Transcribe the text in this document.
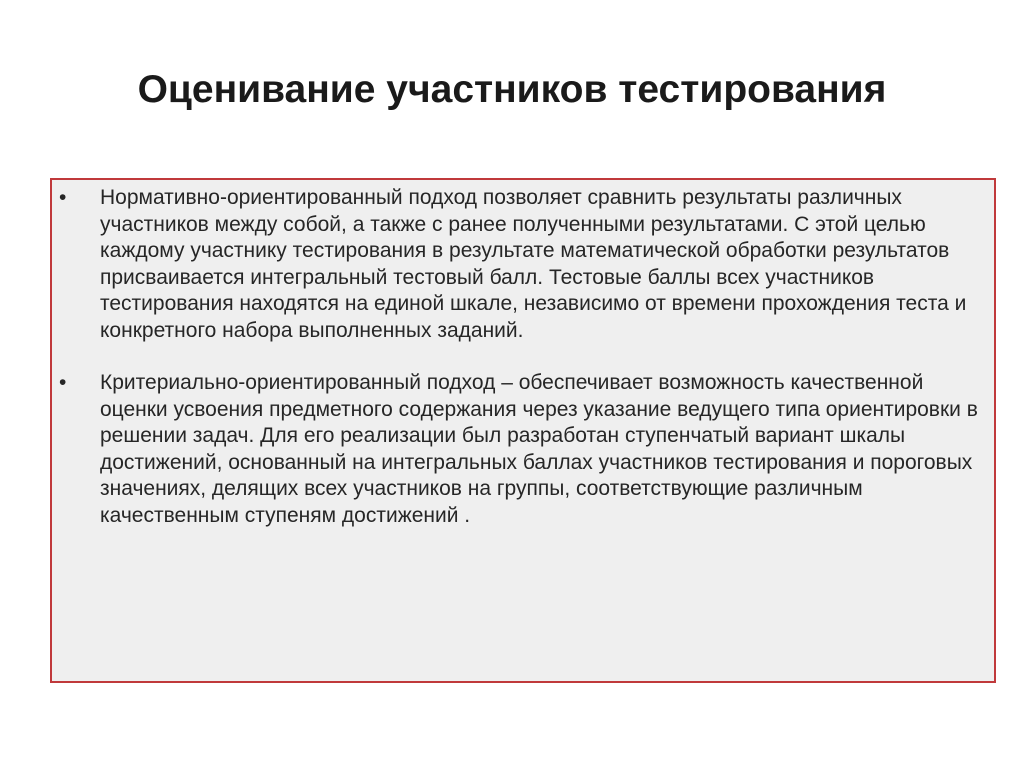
Оценивание участников тестирования
• Нормативно-ориентированный подход позволяет сравнить результаты различных участников между собой, а также с ранее полученными результатами. С этой целью каждому участнику тестирования в результате математической обработки результатов присваивается интегральный тестовый балл. Тестовые баллы всех участников тестирования находятся на единой шкале, независимо от времени прохождения теста и конкретного набора выполненных заданий.
• Критериально-ориентированный подход – обеспечивает возможность качественной оценки усвоения предметного содержания через указание ведущего типа ориентировки в решении задач. Для его реализации был разработан ступенчатый вариант шкалы достижений, основанный на интегральных баллах участников тестирования и пороговых значениях, делящих всех участников на группы, соответствующие различным качественным ступеням достижений .
